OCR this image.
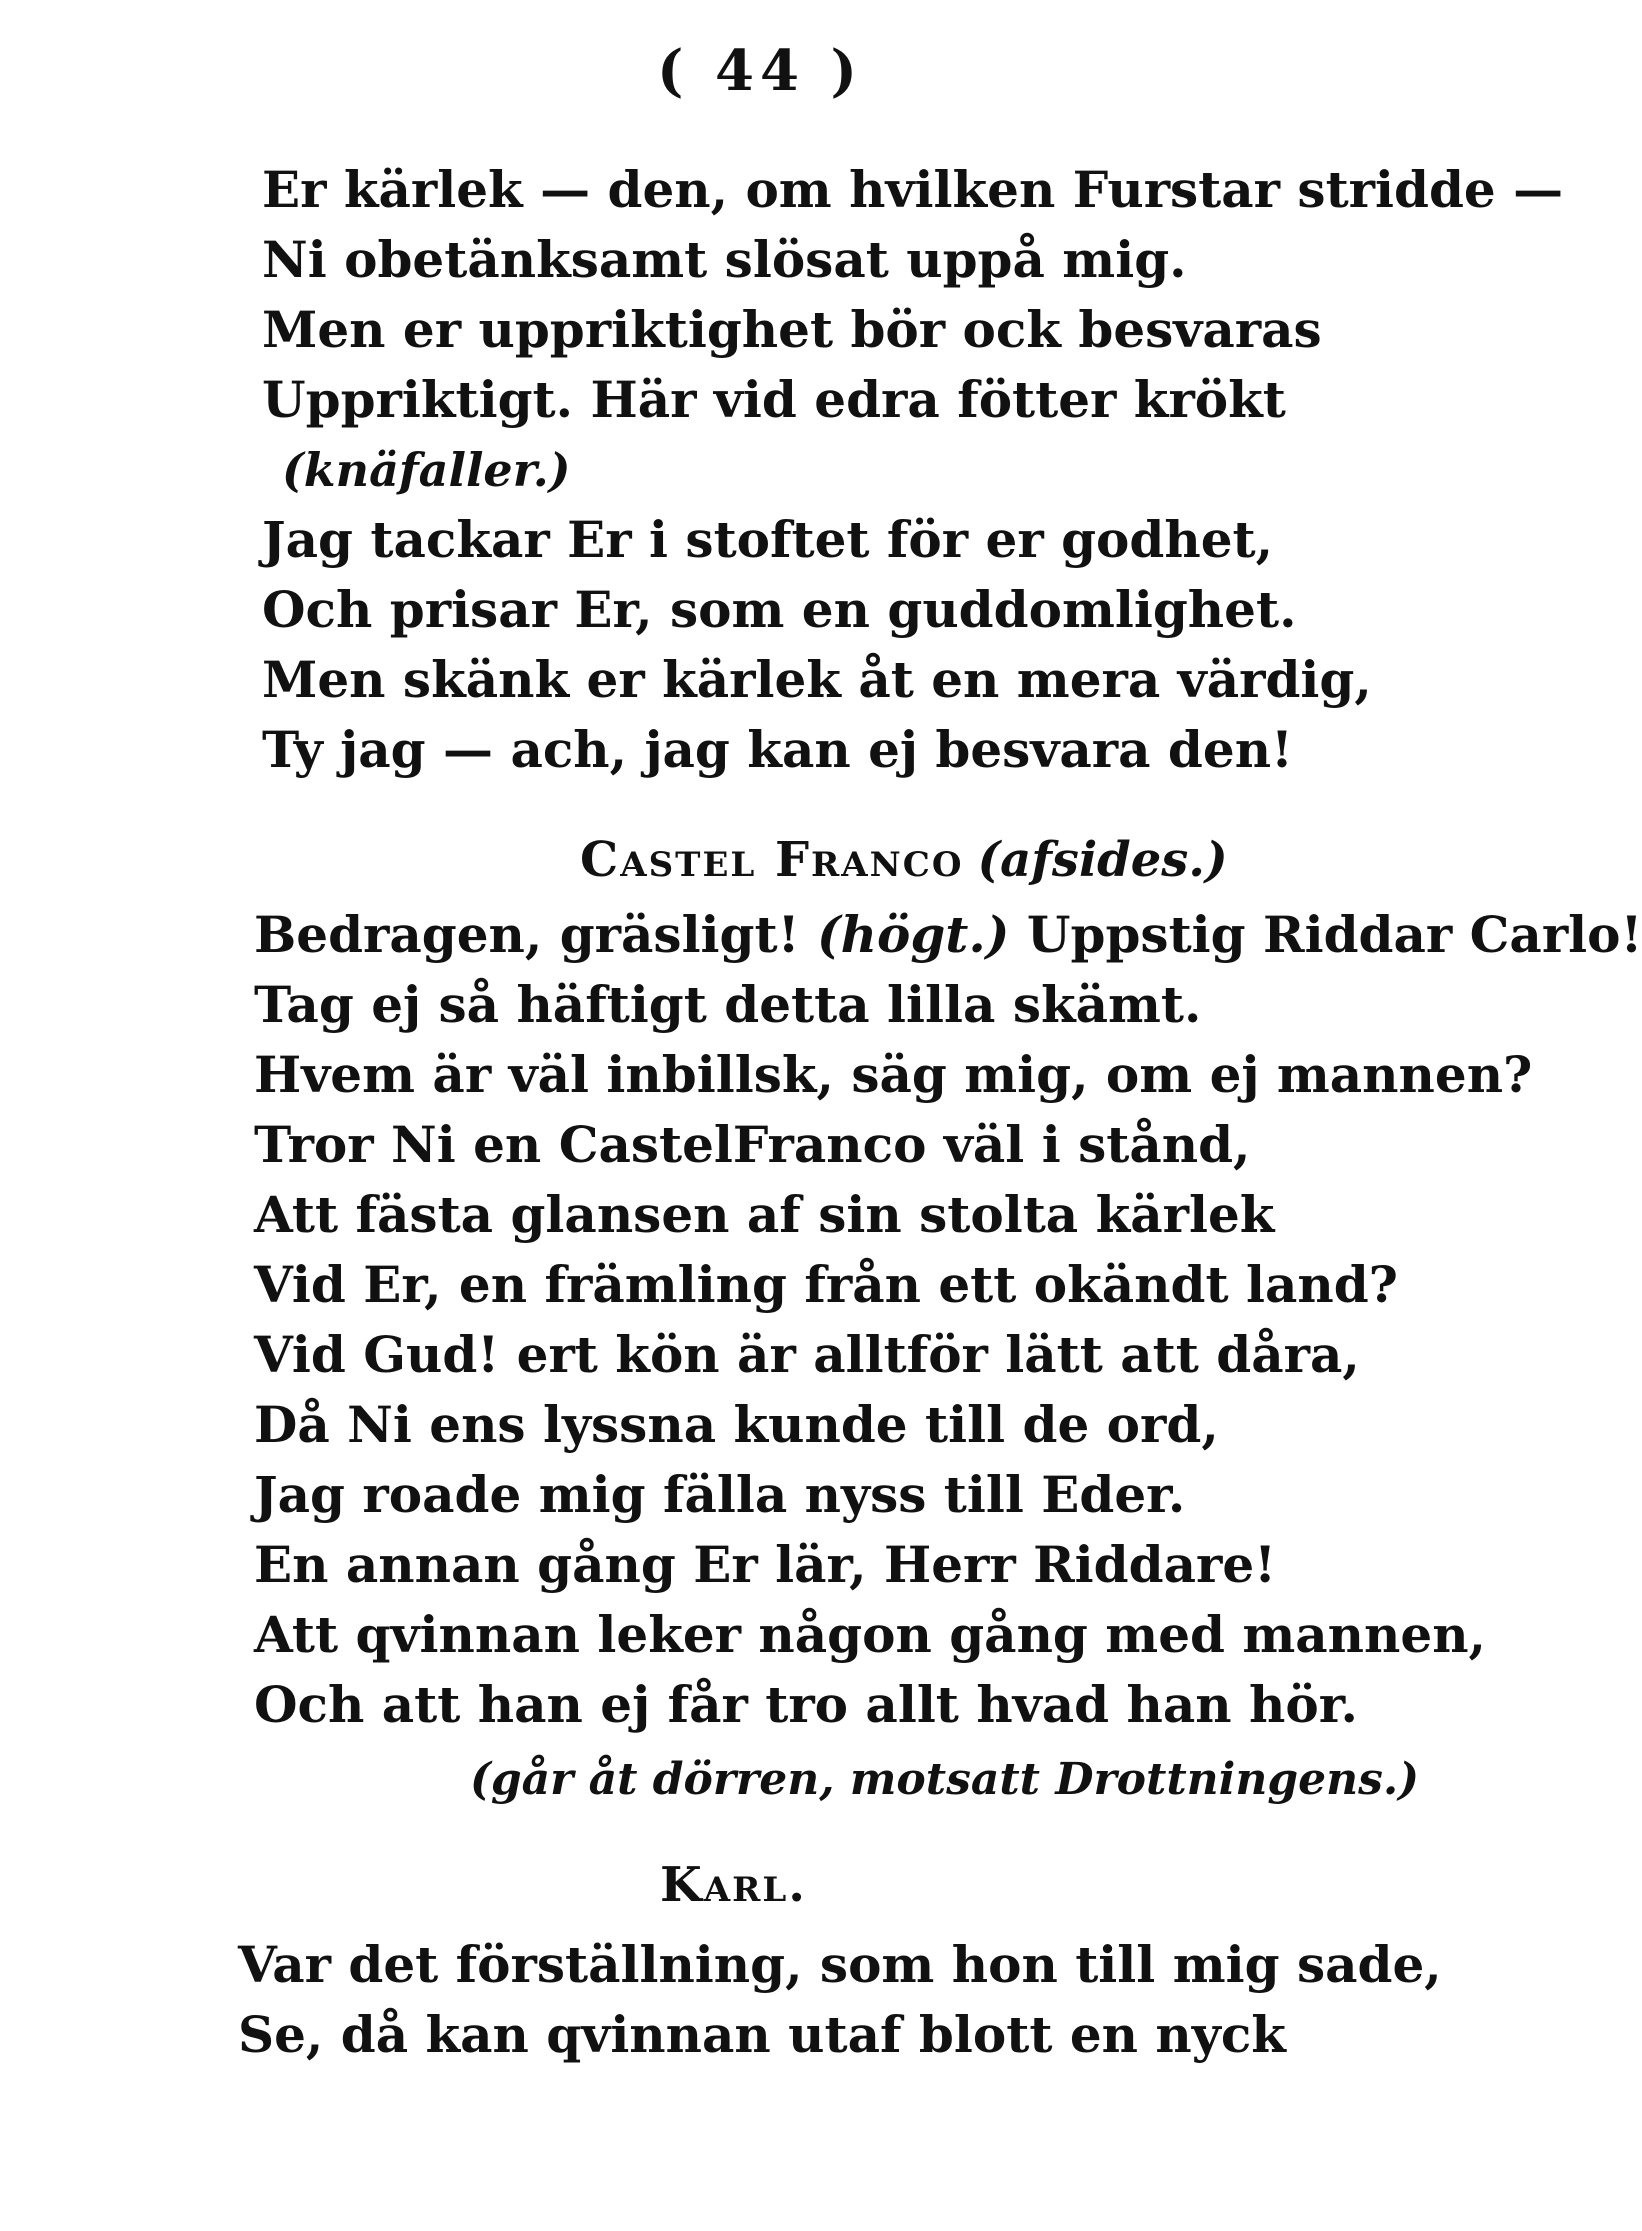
( 44 )
Er kärlek — den, om hvilken Furstar stridde —
Ni obetänksamt slösat uppå mig.
Men er uppriktighet bör ock besvaras
Uppriktigt. Här vid edra fötter krökt
(knäfaller.)
Jag tackar Er i stoftet för er godhet,
Och prisar Er, som en guddomlighet.
Men skänk er kärlek åt en mera värdig,
Ty jag — ach, jag kan ej besvara den!
Castel Franco (afsides.)
Bedragen, gräsligt! (högt.) Uppstig Riddar Carlo!
Tag ej så häftigt detta lilla skämt.
Hvem är väl inbillsk, säg mig, om ej mannen?
Tror Ni en CastelFranco väl i stånd,
Att fästa glansen af sin stolta kärlek
Vid Er, en främling från ett okändt land?
Vid Gud! ert kön är alltför lätt att dåra,
Då Ni ens lyssna kunde till de ord,
Jag roade mig fälla nyss till Eder.
En annan gång Er lär, Herr Riddare!
Att qvinnan leker någon gång med mannen,
Och att han ej får tro allt hvad han hör.
(går åt dörren, motsatt Drottningens.)
Karl.
Var det förställning, som hon till mig sade,
Se, då kan qvinnan utaf blott en nyck
